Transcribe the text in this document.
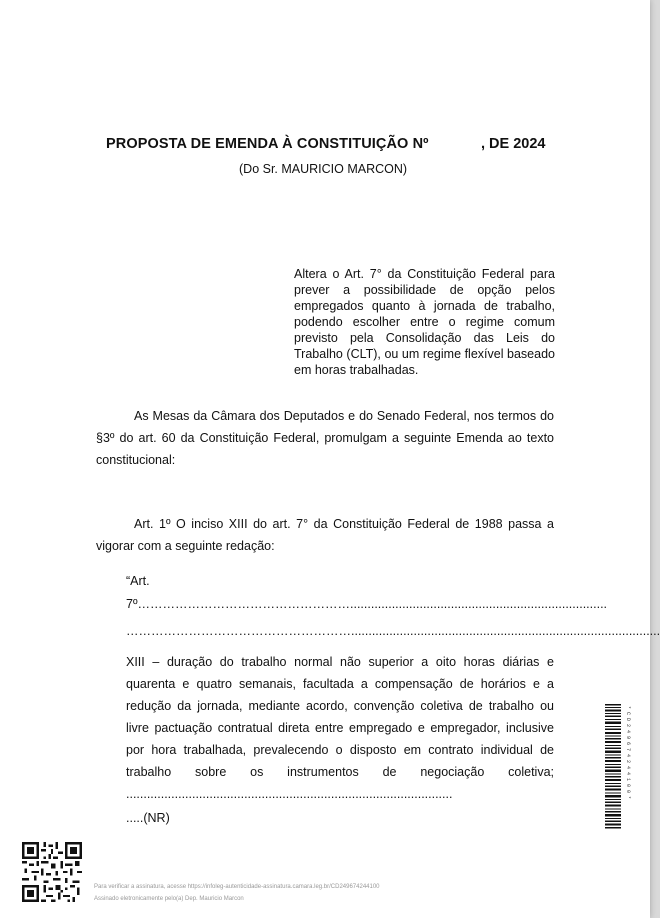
PROPOSTA DE EMENDA À CONSTITUIÇÃO Nº	, DE 2024
(Do Sr. MAURICIO MARCON)
Altera o Art. 7° da Constituição Federal para prever a possibilidade de opção pelos empregados quanto à jornada de trabalho, podendo escolher entre o regime comum previsto pela Consolidação das Leis do Trabalho (CLT), ou um regime flexível baseado em horas trabalhadas.
As Mesas da Câmara dos Deputados e do Senado Federal, nos termos do §3º do art. 60 da Constituição Federal, promulgam a seguinte Emenda ao texto constitucional:
Art. 1º O inciso XIII do art. 7° da Constituição Federal de 1988 passa a vigorar com a seguinte redação:
“Art.
7º……………………………………………..........................................................................
……………………………………………….........................................................................................
XIII – duração do trabalho normal não superior a oito horas diárias e quarenta e quatro semanais, facultada a compensação de horários e a redução da jornada, mediante acordo, convenção coletiva de trabalho ou livre pactuação contratual direta entre empregado e empregador, inclusive por hora trabalhada, prevalecendo o disposto em contrato individual de trabalho sobre os instrumentos de negociação coletiva; ..............................................................................................
.....(NR)
* C D 2 4 9 6 7 4 2 4 4 1 0 0 *
Para verificar a assinatura, acesse https://infoleg-autenticidade-assinatura.camara.leg.br/CD249674244100
Assinado eletronicamente pelo(a) Dep. Mauricio Marcon
